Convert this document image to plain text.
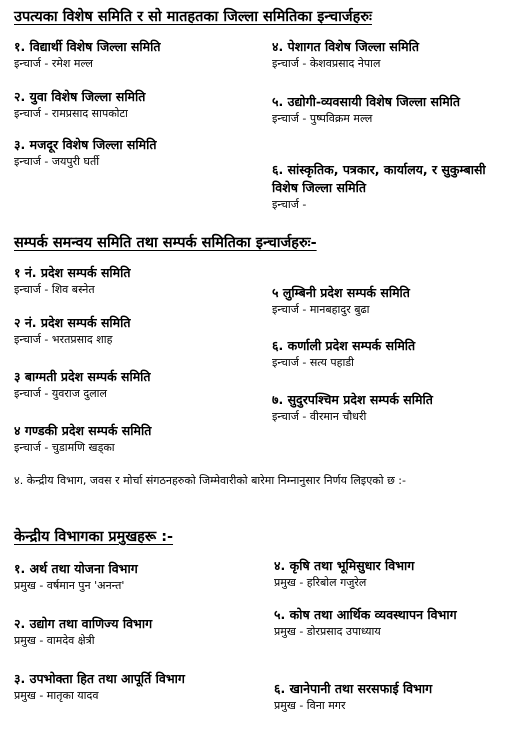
उपत्यका विशेष समिति र सो मातहतका जिल्ला समितिका इन्चार्जहरुः
१. विद्यार्थी विशेष जिल्ला समिति
इन्चार्ज - रमेश मल्ल
२. युवा विशेष जिल्ला समिति
इन्चार्ज - रामप्रसाद सापकोटा
३. मजदूर विशेष जिल्ला समिति
इन्चार्ज - जयपुरी घर्ती
४. पेशागत विशेष जिल्ला समिति
इन्चार्ज - केशवप्रसाद नेपाल
५. उद्योगी-व्यवसायी विशेष जिल्ला समिति
इन्चार्ज - पुष्पविक्रम मल्ल
६. सांस्कृतिक, पत्रकार, कार्यालय, र सुकुम्बासी विशेष जिल्ला समिति
इन्चार्ज -
सम्पर्क समन्वय समिति तथा सम्पर्क समितिका इन्चार्जहरुः-
१ नं. प्रदेश सम्पर्क समिति
इन्चार्ज - शिव बस्नेत
२ नं. प्रदेश सम्पर्क समिति
इन्चार्ज - भरतप्रसाद शाह
३ बाग्मती प्रदेश सम्पर्क समिति
इन्चार्ज - युवराज दुलाल
४ गण्डकी प्रदेश सम्पर्क समिति
इन्चार्ज - चुडामणि खड्का
५ लुम्बिनी प्रदेश सम्पर्क समिति
इन्चार्ज - मानबहादुर बुढा
६. कर्णाली प्रदेश सम्पर्क समिति
इन्चार्ज - सत्य पहाडी
७. सुदुरपश्चिम प्रदेश सम्पर्क समिति
इन्चार्ज - वीरमान चौधरी
४. केन्द्रीय विभाग, जवस र मोर्चा संगठनहरुको जिम्मेवारीको बारेमा निम्नानुसार निर्णय लिइएको छ :-
केन्द्रीय विभागका प्रमुखहरू :-
१. अर्थ तथा योजना विभाग
प्रमुख - वर्षमान पुन 'अनन्त'
२. उद्योग तथा वाणिज्य विभाग
प्रमुख - वामदेव क्षेत्री
३. उपभोक्ता हित तथा आपूर्ति विभाग
प्रमुख - मातृका यादव
४. कृषि तथा भूमिसुधार विभाग
प्रमुख - हरिबोल गजुरेल
५. कोष तथा आर्थिक व्यवस्थापन विभाग
प्रमुख - डोरप्रसाद उपाध्याय
६. खानेपानी तथा सरसफाई विभाग
प्रमुख - विना मगर
